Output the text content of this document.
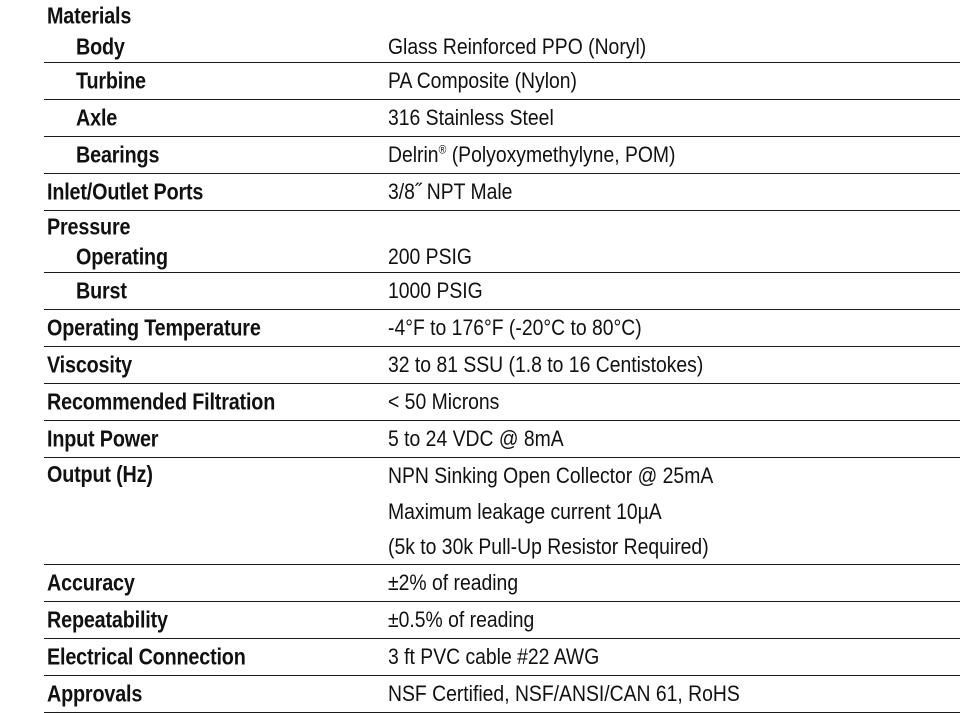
Materials
Body	Glass Reinforced PPO (Noryl)
Turbine	PA Composite (Nylon)
Axle	316 Stainless Steel
Bearings	Delrin® (Polyoxymethylyne, POM)
Inlet/Outlet Ports	3/8˝ NPT Male
Pressure
Operating	200 PSIG
Burst	1000 PSIG
Operating Temperature	-4°F to 176°F (-20°C to 80°C)
Viscosity	32 to 81 SSU (1.8 to 16 Centistokes)
Recommended Filtration	< 50 Microns
Input Power	5 to 24 VDC @ 8mA
Output (Hz)	NPN Sinking Open Collector @ 25mA
Maximum leakage current 10µA
(5k to 30k Pull-Up Resistor Required)
Accuracy	±2% of reading
Repeatability	±0.5% of reading
Electrical Connection	3 ft PVC cable #22 AWG
Approvals	NSF Certified, NSF/ANSI/CAN 61, RoHS
